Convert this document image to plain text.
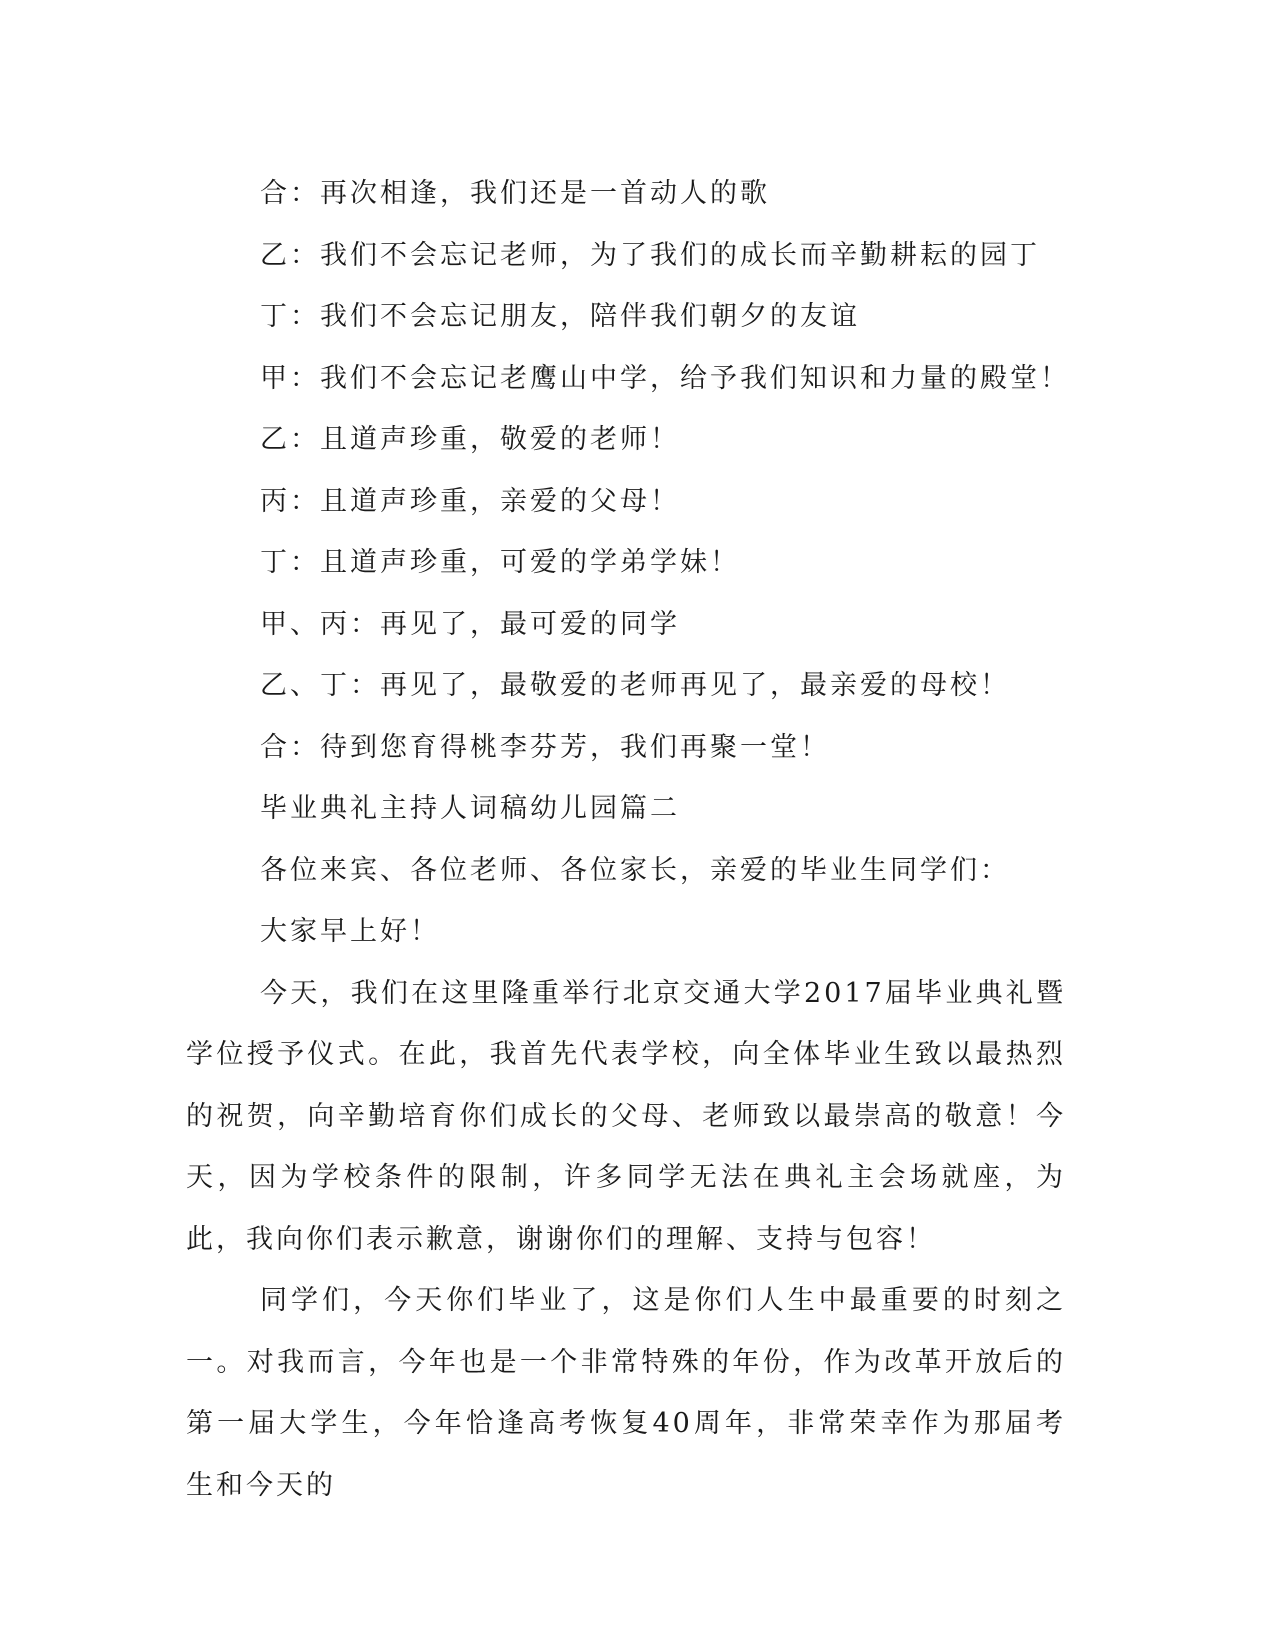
合：再次相逢，我们还是一首动人的歌
乙：我们不会忘记老师，为了我们的成长而辛勤耕耘的园丁
丁：我们不会忘记朋友，陪伴我们朝夕的友谊
甲：我们不会忘记老鹰山中学，给予我们知识和力量的殿堂！
乙：且道声珍重，敬爱的老师！
丙：且道声珍重，亲爱的父母！
丁：且道声珍重，可爱的学弟学妹！
甲、丙：再见了，最可爱的同学
乙、丁：再见了，最敬爱的老师再见了，最亲爱的母校！
合：待到您育得桃李芬芳，我们再聚一堂！
毕业典礼主持人词稿幼儿园篇二
各位来宾、各位老师、各位家长，亲爱的毕业生同学们：
大家早上好！

今天，我们在这里隆重举行北京交通大学2017届毕业典礼暨学位授予仪式。在此，我首先代表学校，向全体毕业生致以最热烈的祝贺，向辛勤培育你们成长的父母、老师致以最崇高的敬意！今天，因为学校条件的限制，许多同学无法在典礼主会场就座，为此，我向你们表示歉意，谢谢你们的理解、支持与包容！

同学们，今天你们毕业了，这是你们人生中最重要的时刻之一。对我而言，今年也是一个非常特殊的年份，作为改革开放后的第一届大学生，今年恰逢高考恢复40周年，非常荣幸作为那届考生和今天的
